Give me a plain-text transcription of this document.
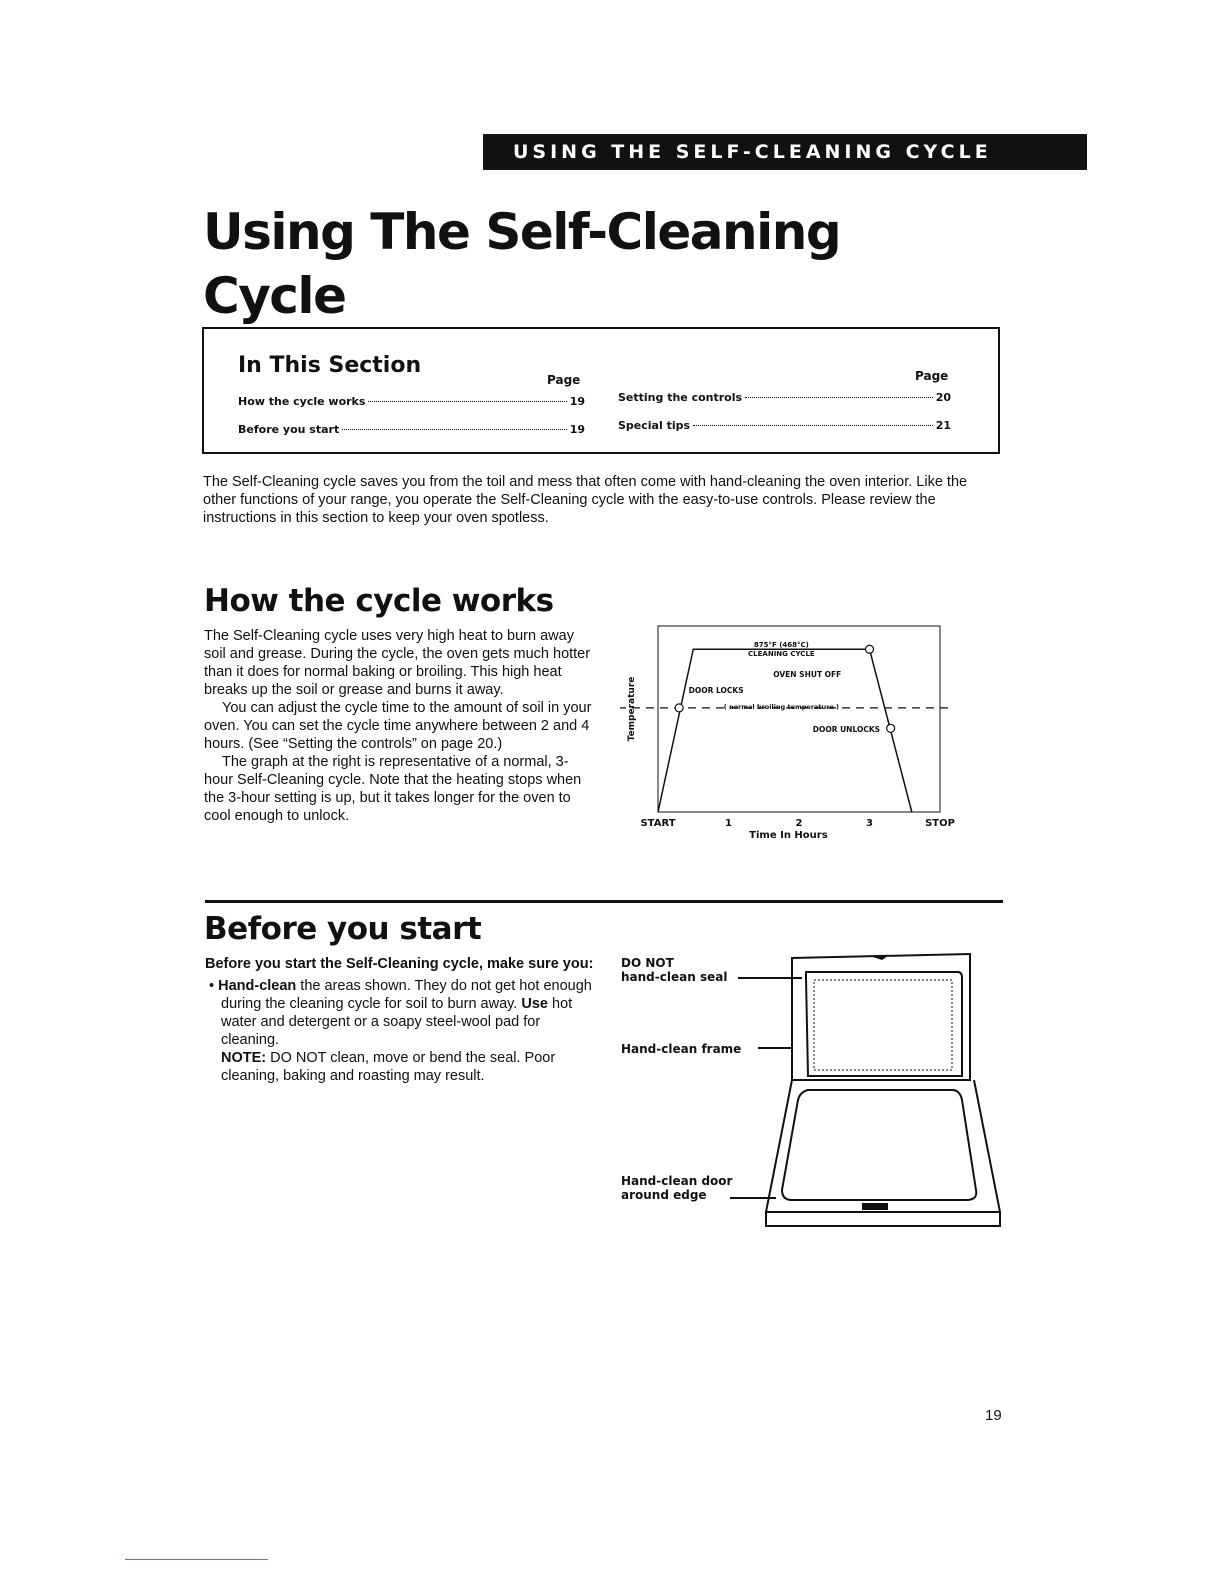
USING THE SELF-CLEANING CYCLE
Using The Self-Cleaning
Cycle
In This Section
Page	Page
How the cycle works	19
Before you start	19
Setting the controls	20
Special tips	21
The Self-Cleaning cycle saves you from the toil and mess that often come with hand-cleaning the oven interior. Like the other functions of your range, you operate the Self-Cleaning cycle with the easy-to-use controls. Please review the instructions in this section to keep your oven spotless.
How the cycle works

The Self-Cleaning cycle uses very high heat to burn away soil and grease. During the cycle, the oven gets much hotter than it does for normal baking or broiling. This high heat breaks up the soil or grease and burns it away.

You can adjust the cycle time to the amount of soil in your oven. You can set the cycle time anywhere between 2 and 4 hours. (See “Setting the controls” on page 20.)

The graph at the right is representative of a normal, 3-hour Self-Cleaning cycle. Note that the heating stops when the 3-hour setting is up, but it takes longer for the oven to cool enough to unlock.

875°F (468°C)
CLEANING CYCLE
OVEN SHUT OFF
DOOR LOCKS
( normal broiling temperature )
DOOR UNLOCKS
Temperature
START	1	2	3	STOP
Time In Hours
Before you start

Before you start the Self-Cleaning cycle, make sure you:

• Hand-clean the areas shown. They do not get hot enough during the cleaning cycle for soil to burn away. Use hot water and detergent or a soapy steel-wool pad for cleaning.

NOTE: DO NOT clean, move or bend the seal. Poor cleaning, baking and roasting may result.

DO NOT
hand-clean seal
Hand-clean frame
Hand-clean door
around edge
19
